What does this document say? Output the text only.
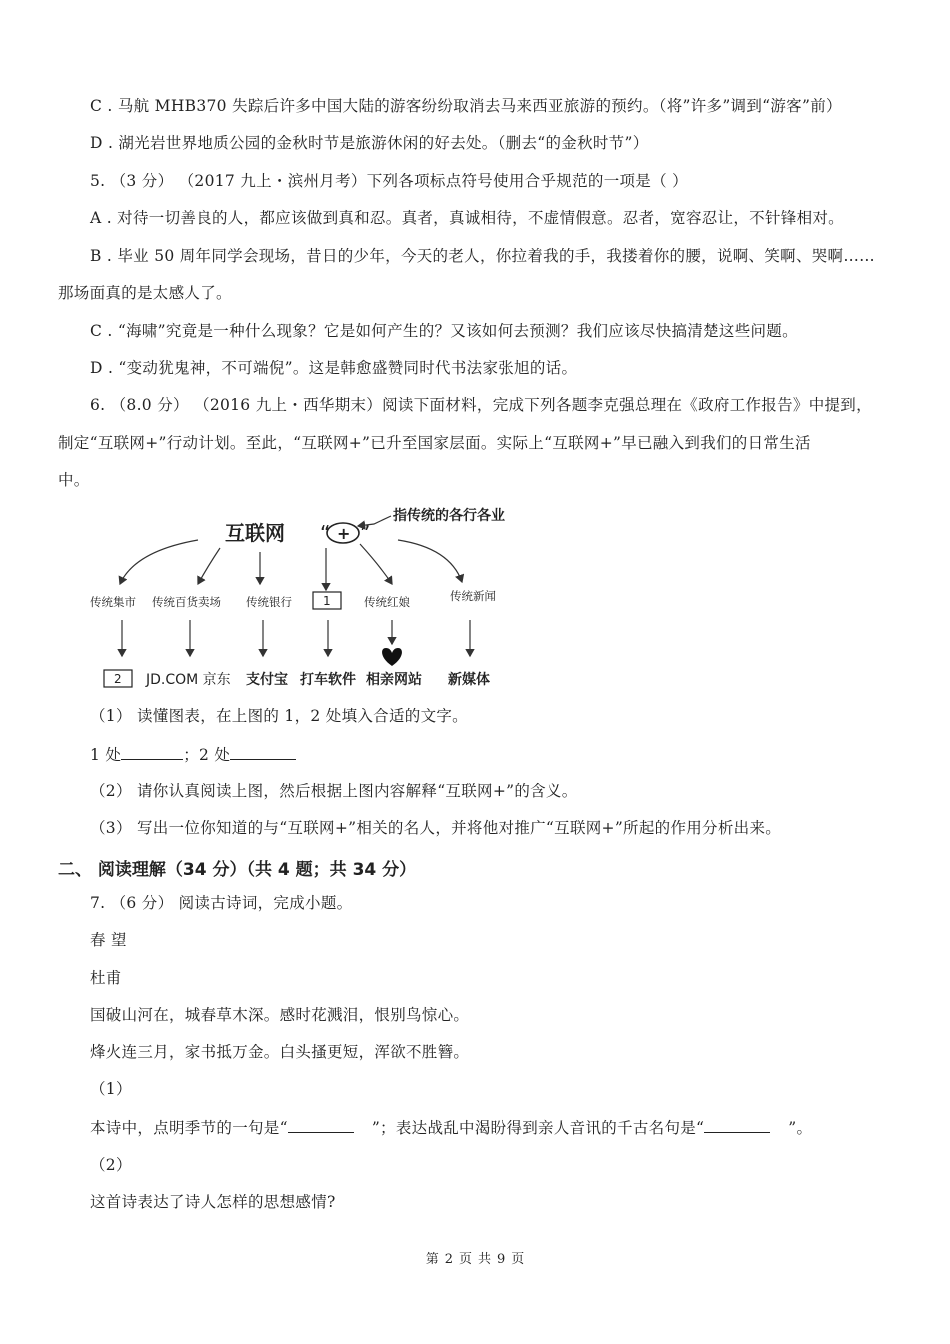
C . 马航 MHB370 失踪后许多中国大陆的游客纷纷取消去马来西亚旅游的预约。（将”许多”调到“游客”前）
D . 湖光岩世界地质公园的金秋时节是旅游休闲的好去处。（删去“的金秋时节”）
5. （3 分） （2017 九上・滨州月考）下列各项标点符号使用合乎规范的一项是（ ）
A . 对待一切善良的人，都应该做到真和忍。真者，真诚相待，不虚情假意。忍者，宽容忍让，不针锋相对。
B . 毕业 50 周年同学会现场，昔日的少年，今天的老人，你拉着我的手，我搂着你的腰，说啊、笑啊、哭啊……
那场面真的是太感人了。
C . “海啸”究竟是一种什么现象？它是如何产生的？又该如何去预测？我们应该尽快搞清楚这些问题。
D . “变动犹鬼神，不可端倪”。这是韩愈盛赞同时代书法家张旭的话。
6. （8.0 分） （2016 九上・西华期末）阅读下面材料，完成下列各题李克强总理在《政府工作报告》中提到，
制定“互联网+”行动计划。至此，“互联网+”已升至国家层面。实际上“互联网+”早已融入到我们的日常生活
中。
互联网 “ + ”
指传统的各行各业
传统集市 传统百货卖场 传统银行	1	传统红娘	传统新闻
2 JD.COM 京东 支付宝 打车软件 相亲网站 新媒体
（1） 读懂图表，在上图的 1，2 处填入合适的文字。
1 处	；2 处
（2） 请你认真阅读上图，然后根据上图内容解释“互联网+”的含义。
（3） 写出一位你知道的与“互联网+”相关的名人，并将他对推广“互联网+”所起的作用分析出来。
二、 阅读理解（34 分）（共 4 题；共 34 分）
7. （6 分） 阅读古诗词，完成小题。
春 望
杜甫
国破山河在，城春草木深。感时花溅泪，恨别鸟惊心。
烽火连三月，家书抵万金。白头搔更短，浑欲不胜簪。
（1）
本诗中，点明季节的一句是“	”；表达战乱中渴盼得到亲人音讯的千古名句是“	”。
（2）
这首诗表达了诗人怎样的思想感情?
第 2 页 共 9 页
